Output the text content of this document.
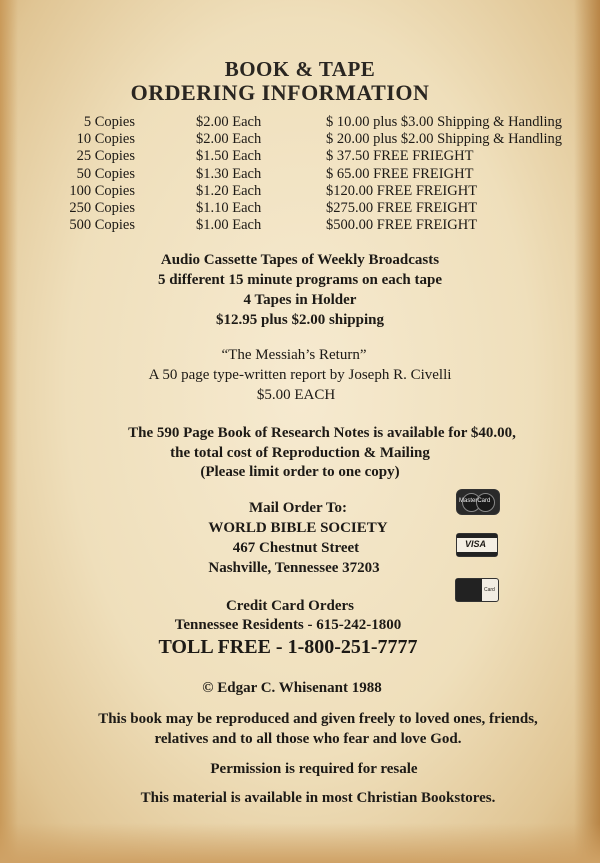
BOOK & TAPE
ORDERING INFORMATION
5 Copies	$2.00 Each	$ 10.00 plus $3.00 Shipping & Handling
10 Copies	$2.00 Each	$ 20.00 plus $2.00 Shipping & Handling
25 Copies	$1.50 Each	$ 37.50 FREE FRIEGHT
50 Copies	$1.30 Each	$ 65.00 FREE FREIGHT
100 Copies	$1.20 Each	$120.00 FREE FREIGHT
250 Copies	$1.10 Each	$275.00 FREE FREIGHT
500 Copies	$1.00 Each	$500.00 FREE FREIGHT
Audio Cassette Tapes of Weekly Broadcasts
5 different 15 minute programs on each tape
4 Tapes in Holder
$12.95 plus $2.00 shipping
“The Messiah’s Return”
A 50 page type-written report by Joseph R. Civelli
$5.00 EACH
The 590 Page Book of Research Notes is available for $40.00,
the total cost of Reproduction & Mailing
(Please limit order to one copy)
Mail Order To:
WORLD BIBLE SOCIETY
467 Chestnut Street
Nashville, Tennessee 37203
MasterCard
VISA
Card
Credit Card Orders
Tennessee Residents - 615-242-1800
TOLL FREE - 1-800-251-7777
© Edgar C. Whisenant 1988
This book may be reproduced and given freely to loved ones, friends,
relatives and to all those who fear and love God.
Permission is required for resale
This material is available in most Christian Bookstores.
